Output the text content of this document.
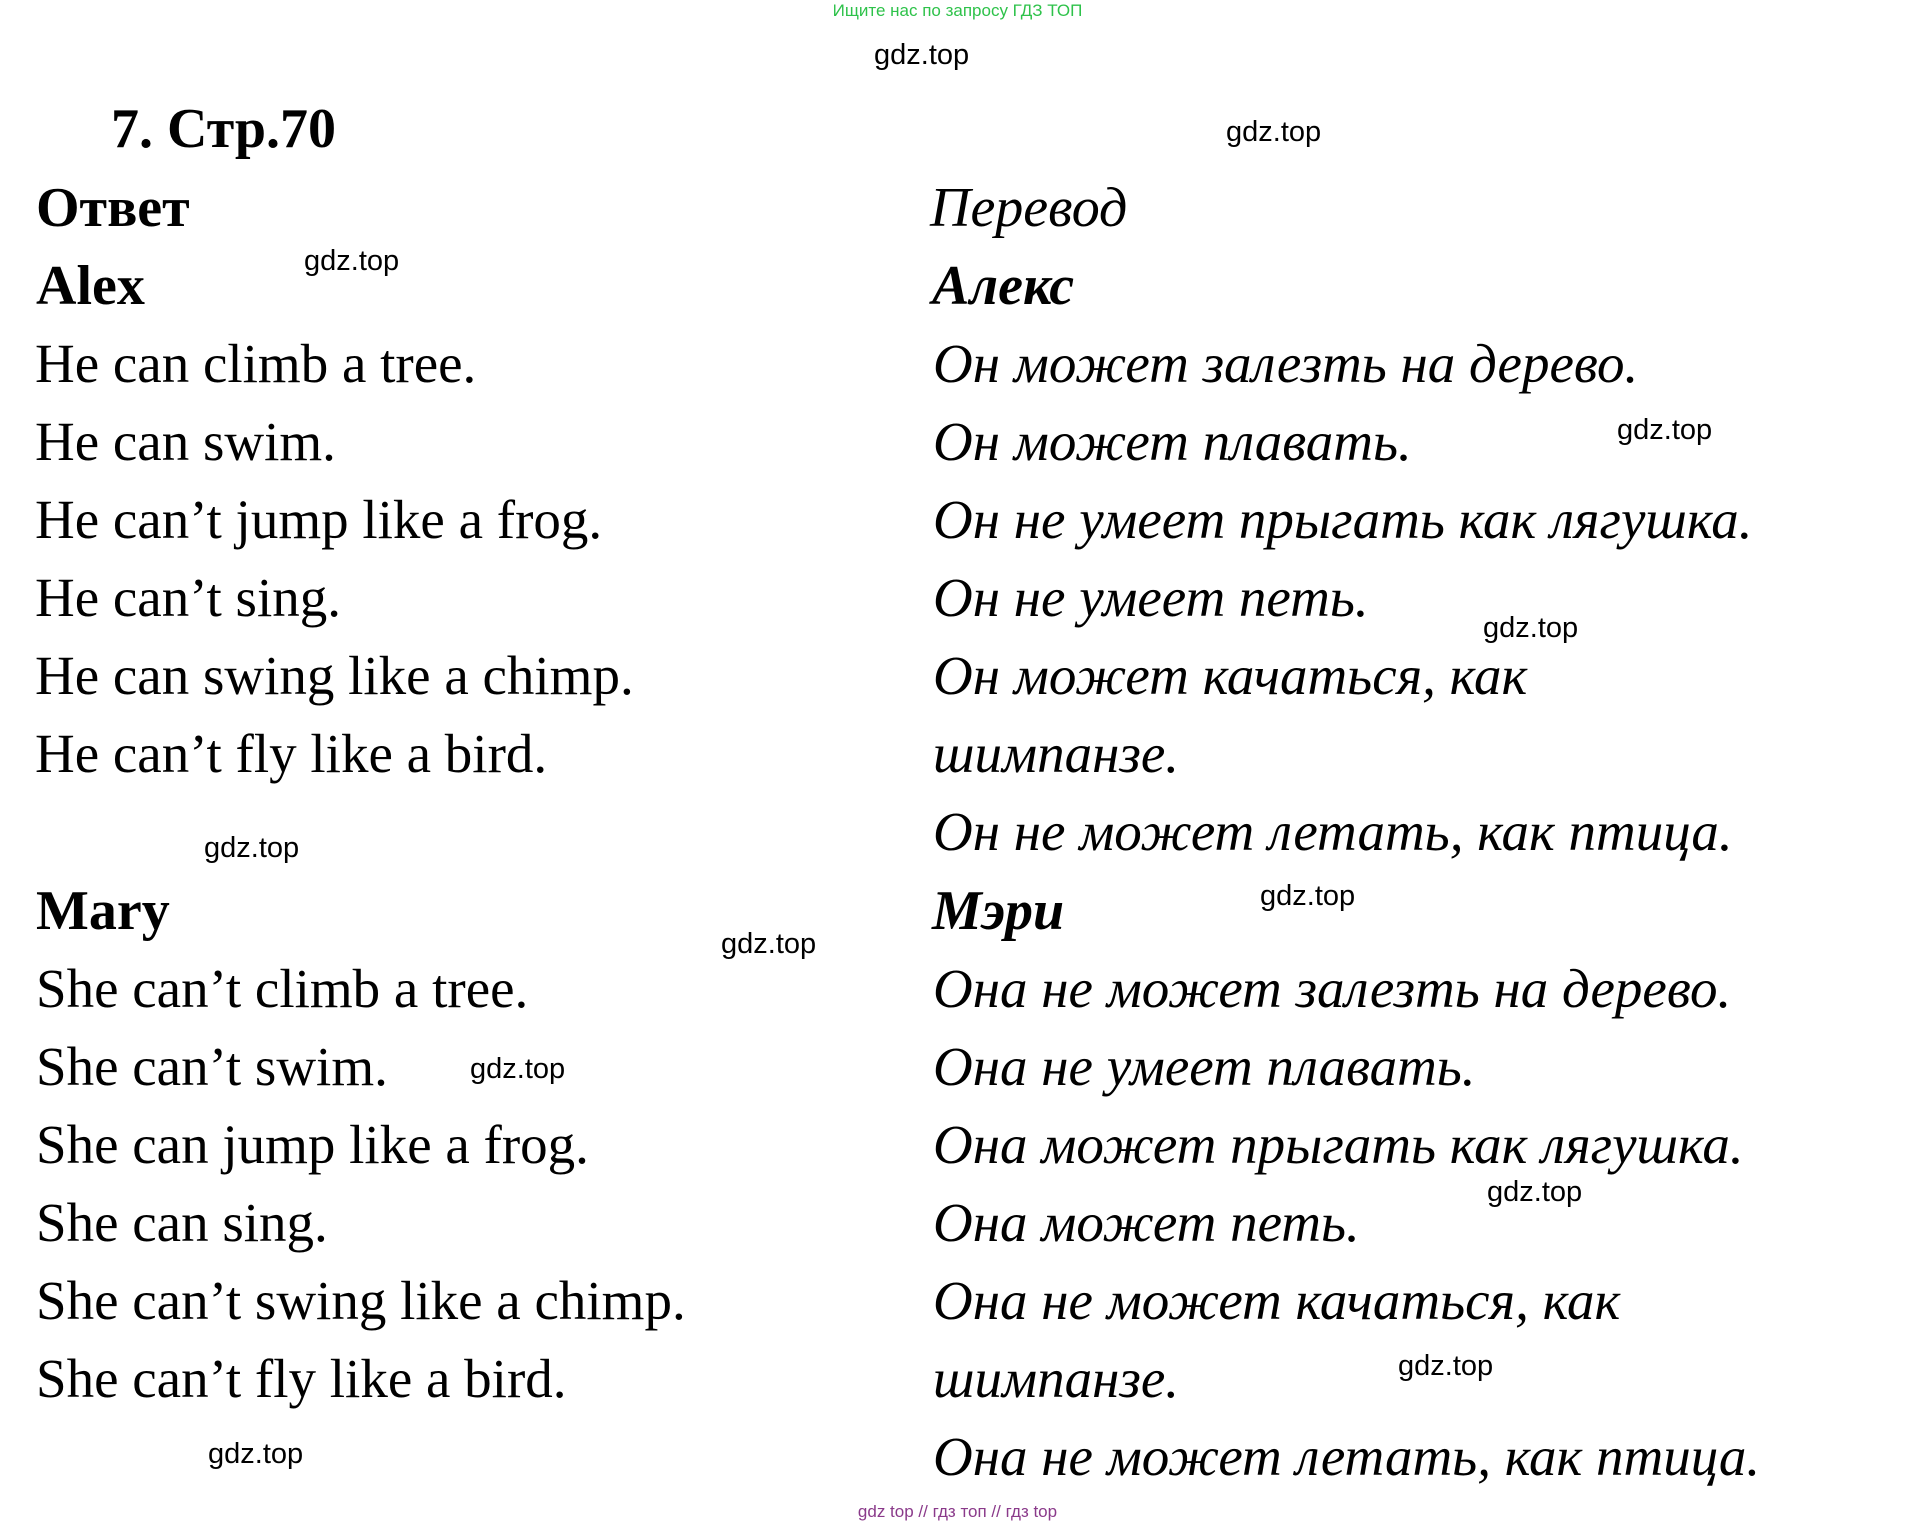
Ищите нас по запросу ГДЗ ТОП
gdz top // гдз топ // гдз top
7. Стр.70
Ответ
Alex
He can climb a tree.
He can swim.
He can’t jump like a frog.
He can’t sing.
He can swing like a chimp.
He can’t fly like a bird.
Mary
She can’t climb a tree.
She can’t swim.
She can jump like a frog.
She can sing.
She can’t swing like a chimp.
She can’t fly like a bird.
Перевод
Алекс
Он может залезть на дерево.
Он может плавать.
Он не умеет прыгать как лягушка.
Он не умеет петь.
Он может качаться, как
шимпанзе.
Он не может летать, как птица.
Мэри
Она не может залезть на дерево.
Она не умеет плавать.
Она может прыгать как лягушка.
Она может петь.
Она не может качаться, как
шимпанзе.
Она не может летать, как птица.
gdz.top
gdz.top
gdz.top
gdz.top
gdz.top
gdz.top
gdz.top
gdz.top
gdz.top
gdz.top
gdz.top
gdz.top
